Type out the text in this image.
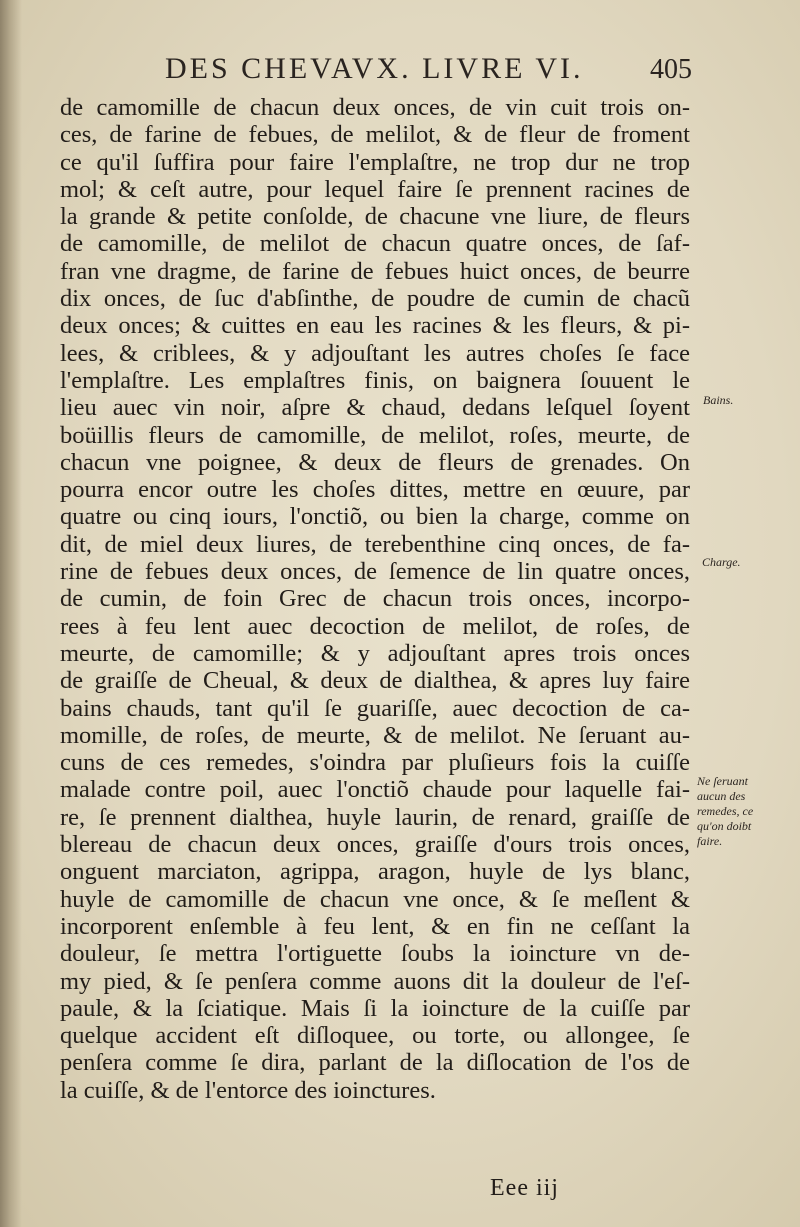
DES CHEVAVX. LIVRE VI. 405
de camomille de chacun deux onces, de vin cuit trois on-
ces, de farine de febues, de melilot, & de fleur de froment
ce qu'il ſuffira pour faire l'emplaſtre, ne trop dur ne trop
mol; & ceſt autre, pour lequel faire ſe prennent racines de
la grande & petite conſolde, de chacune vne liure, de fleurs
de camomille, de melilot de chacun quatre onces, de ſaf-
fran vne dragme, de farine de febues huict onces, de beurre
dix onces, de ſuc d'abſinthe, de poudre de cumin de chacũ
deux onces; & cuittes en eau les racines & les fleurs, & pi-
lees, & criblees, & y adjouſtant les autres choſes ſe face
l'emplaſtre. Les emplaſtres finis, on baignera ſouuent le
lieu auec vin noir, aſpre & chaud, dedans leſquel ſoyent
boüillis fleurs de camomille, de melilot, roſes, meurte, de
chacun vne poignee, & deux de fleurs de grenades. On
pourra encor outre les choſes dittes, mettre en œuure, par
quatre ou cinq iours, l'onctiõ, ou bien la charge, comme on
dit, de miel deux liures, de terebenthine cinq onces, de fa-
rine de febues deux onces, de ſemence de lin quatre onces,
de cumin, de foin Grec de chacun trois onces, incorpo-
rees à feu lent auec decoction de melilot, de roſes, de
meurte, de camomille; & y adjouſtant apres trois onces
de graiſſe de Cheual, & deux de dialthea, & apres luy faire
bains chauds, tant qu'il ſe guariſſe, auec decoction de ca-
momille, de roſes, de meurte, & de melilot. Ne ſeruant au-
cuns de ces remedes, s'oindra par pluſieurs fois la cuiſſe
malade contre poil, auec l'onctiõ chaude pour laquelle fai-
re, ſe prennent dialthea, huyle laurin, de renard, graiſſe de
blereau de chacun deux onces, graiſſe d'ours trois onces,
onguent marciaton, agrippa, aragon, huyle de lys blanc,
huyle de camomille de chacun vne once, & ſe meſlent &
incorporent enſemble à feu lent, & en fin ne ceſſant la
douleur, ſe mettra l'ortiguette ſoubs la ioincture vn de-
my pied, & ſe penſera comme auons dit la douleur de l'eſ-
paule, & la ſciatique. Mais ſi la ioincture de la cuiſſe par
quelque accident eſt diſloquee, ou torte, ou allongee, ſe
penſera comme ſe dira, parlant de la diſlocation de l'os de
la cuiſſe, & de l'entorce des ioinctures.
Bains.
Charge.
Ne ſeruant
aucun des
remedes, ce
qu'on doibt
faire.
Eee iij
